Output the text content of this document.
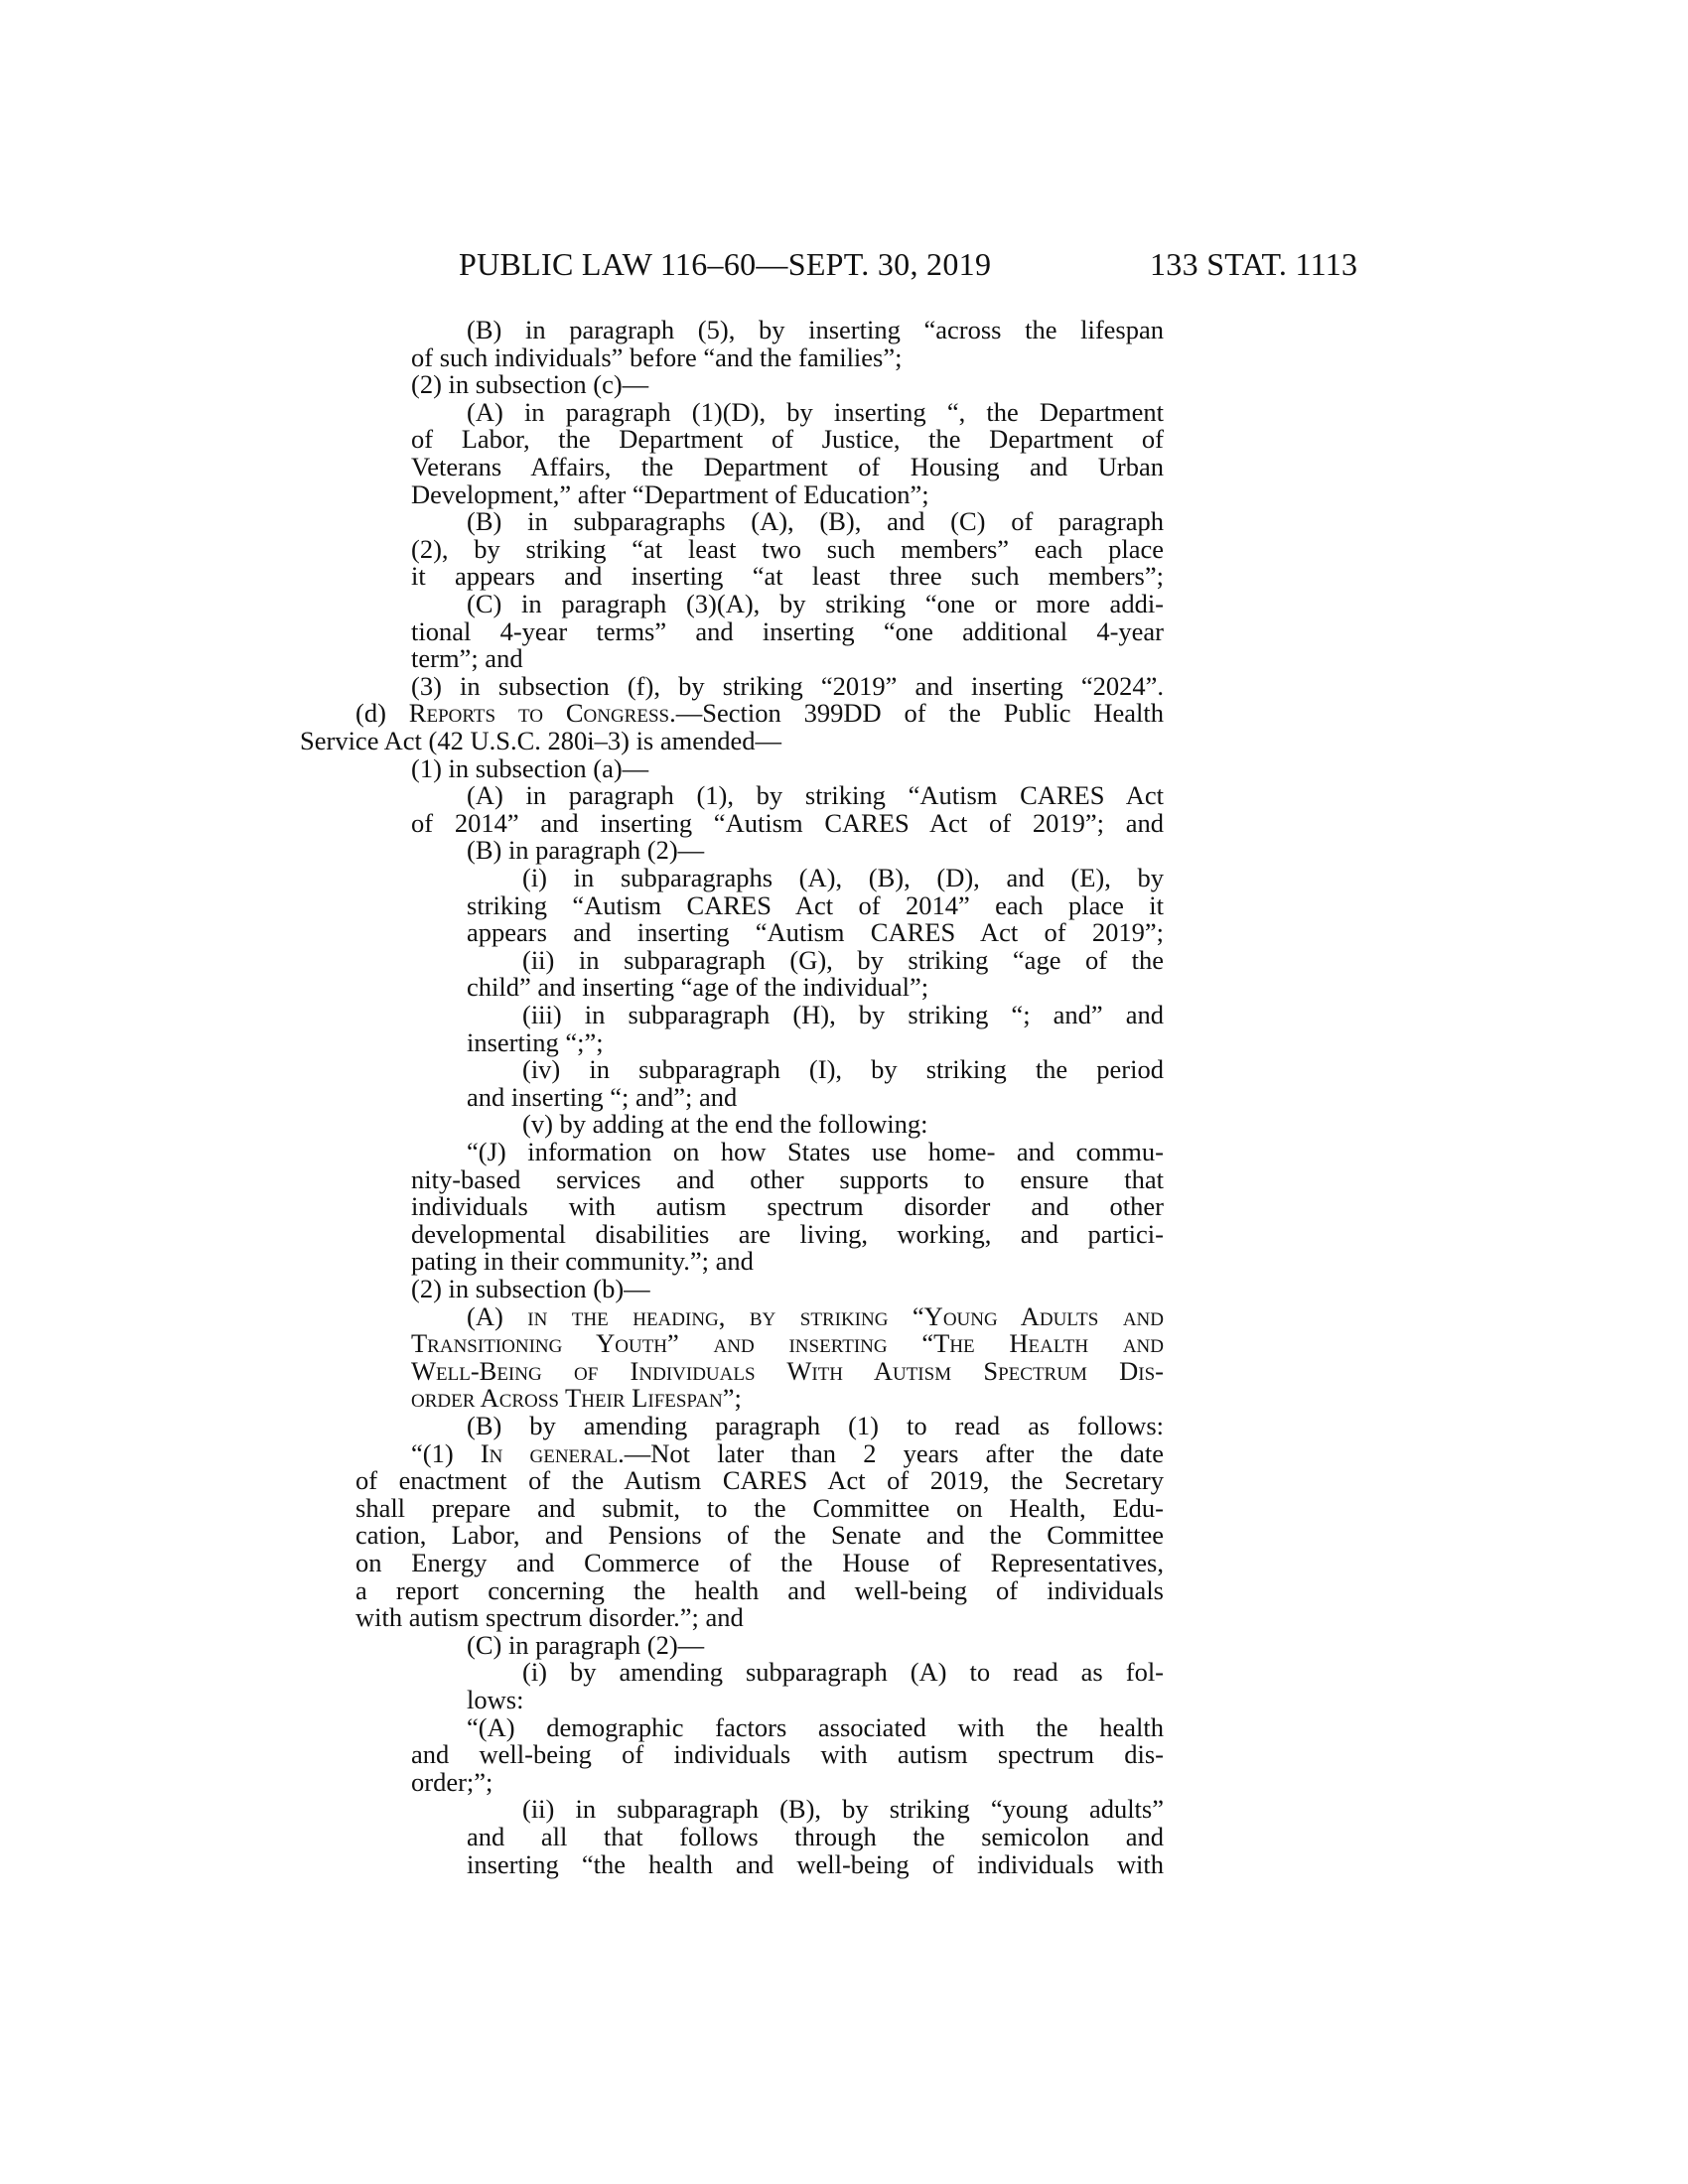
PUBLIC LAW 116–60—SEPT. 30, 2019	133 STAT. 1113
(B) in paragraph (5), by inserting “across the lifespan
of such individuals” before “and the families”;
(2) in subsection (c)—
(A) in paragraph (1)(D), by inserting “, the Department
of Labor, the Department of Justice, the Department of
Veterans Affairs, the Department of Housing and Urban
Development,” after “Department of Education”;
(B) in subparagraphs (A), (B), and (C) of paragraph
(2), by striking “at least two such members” each place
it appears and inserting “at least three such members”;
(C) in paragraph (3)(A), by striking “one or more addi-
tional 4-year terms” and inserting “one additional 4-year
term”; and
(3) in subsection (f), by striking “2019” and inserting “2024”.
(d) Reports to Congress.—Section 399DD of the Public Health
Service Act (42 U.S.C. 280i–3) is amended—
(1) in subsection (a)—
(A) in paragraph (1), by striking “Autism CARES Act
of 2014” and inserting “Autism CARES Act of 2019”; and
(B) in paragraph (2)—
(i) in subparagraphs (A), (B), (D), and (E), by
striking “Autism CARES Act of 2014” each place it
appears and inserting “Autism CARES Act of 2019”;
(ii) in subparagraph (G), by striking “age of the
child” and inserting “age of the individual”;
(iii) in subparagraph (H), by striking “; and” and
inserting “;”;
(iv) in subparagraph (I), by striking the period
and inserting “; and”; and
(v) by adding at the end the following:
“(J) information on how States use home- and commu-
nity-based services and other supports to ensure that
individuals with autism spectrum disorder and other
developmental disabilities are living, working, and partici-
pating in their community.”; and
(2) in subsection (b)—
(A) in the heading, by striking “Young Adults and
Transitioning Youth” and inserting “The Health and
Well-Being of Individuals With Autism Spectrum Dis-
order Across Their Lifespan”;
(B) by amending paragraph (1) to read as follows:
“(1) In general.—Not later than 2 years after the date
of enactment of the Autism CARES Act of 2019, the Secretary
shall prepare and submit, to the Committee on Health, Edu-
cation, Labor, and Pensions of the Senate and the Committee
on Energy and Commerce of the House of Representatives,
a report concerning the health and well-being of individuals
with autism spectrum disorder.”; and
(C) in paragraph (2)—
(i) by amending subparagraph (A) to read as fol-
lows:
“(A) demographic factors associated with the health
and well-being of individuals with autism spectrum dis-
order;”;
(ii) in subparagraph (B), by striking “young adults”
and all that follows through the semicolon and
inserting “the health and well-being of individuals with
